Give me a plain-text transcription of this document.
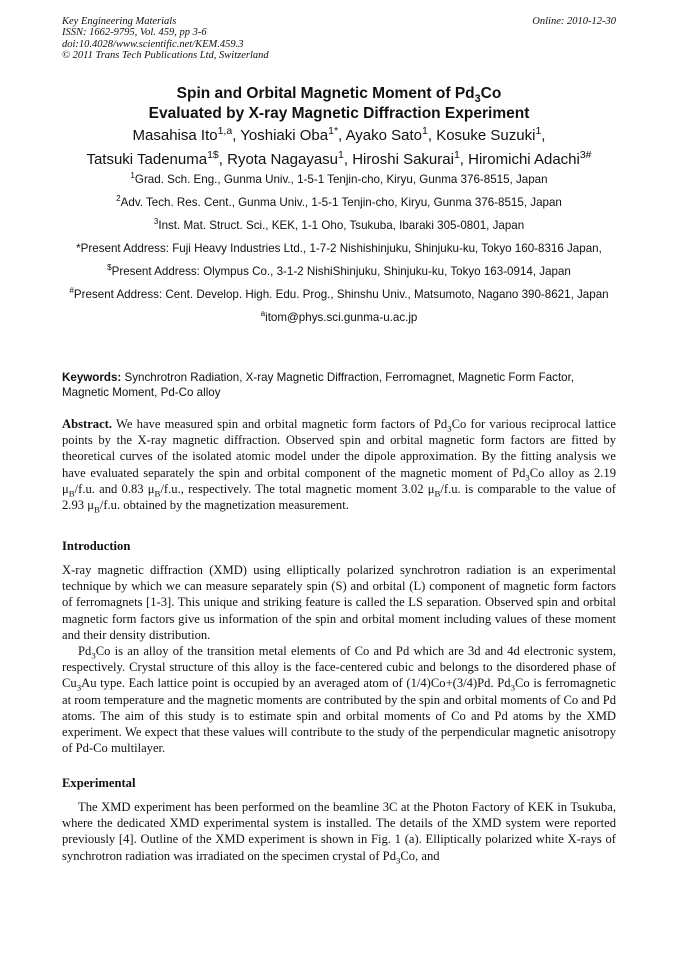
Key Engineering Materials
ISSN: 1662-9795, Vol. 459, pp 3-6
doi:10.4028/www.scientific.net/KEM.459.3
© 2011 Trans Tech Publications Ltd, Switzerland
Online: 2010-12-30
Spin and Orbital Magnetic Moment of $Pd_3Co$
Evaluated by X-ray Magnetic Diffraction Experiment
Masahisa Ito$^{1,a}$, Yoshiaki Oba$^{1*}$, Ayako Sato$^1$, Kosuke Suzuki$^1$,
Tatsuki Tadenuma$^{1\$}$, Ryota Nagayasu$^1$, Hiroshi Sakurai$^1$, Hiromichi Adachi$^{3\#}$
$^1$Grad. Sch. Eng., Gunma Univ., 1-5-1 Tenjin-cho, Kiryu, Gunma 376-8515, Japan
$^2$Adv. Tech. Res. Cent., Gunma Univ., 1-5-1 Tenjin-cho, Kiryu, Gunma 376-8515, Japan
$^3$Inst. Mat. Struct. Sci., KEK, 1-1 Oho, Tsukuba, Ibaraki 305-0801, Japan
*Present Address: Fuji Heavy Industries Ltd., 1-7-2 Nishishinjuku, Shinjuku-ku, Tokyo 160-8316 Japan,
$Present Address: Olympus Co., 3-1-2 NishiShinjuku, Shinjuku-ku, Tokyo 163-0914, Japan
#Present Address: Cent. Develop. High. Edu. Prog., Shinshu Univ., Matsumoto, Nagano 390-8621, Japan
$^a$itom@phys.sci.gunma-u.ac.jp
Keywords: Synchrotron Radiation, X-ray Magnetic Diffraction, Ferromagnet, Magnetic Form Factor, Magnetic Moment, Pd-Co alloy

Abstract. We have measured spin and orbital magnetic form factors of $Pd_3Co$ for various reciprocal lattice points by the X-ray magnetic diffraction. Observed spin and orbital magnetic form factors are fitted by theoretical curves of the isolated atomic model under the dipole approximation. By the fitting analysis we have evaluated separately the spin and orbital component of the magnetic moment of $Pd_3Co$ alloy as 2.19 $\mu_B/f.u$. and 0.83 $\mu_B/f.u$., respectively. The total magnetic moment 3.02 $\mu_B/f.u$. is comparable to the value of 2.93 $\mu_B/f.u$. obtained by the magnetization measurement.

Introduction

X-ray magnetic diffraction (XMD) using elliptically polarized synchrotron radiation is an experimental technique by which we can measure separately spin (S) and orbital (L) component of magnetic form factors of ferromagnets [1-3]. This unique and striking feature is called the LS separation. Observed spin and orbital magnetic form factors give us information of the spin and orbital moment including values of these moment and their density distribution.

$Pd_3Co$ is an alloy of the transition metal elements of Co and Pd which are 3d and 4d electronic system, respectively. Crystal structure of this alloy is the face-centered cubic and belongs to the disordered phase of $Cu_3Au$ type. Each lattice point is occupied by an averaged atom of (1/4)Co+(3/4)Pd. $Pd_3Co$ is ferromagnetic at room temperature and the magnetic moments are contributed by the spin and orbital moments of Co and Pd atoms. The aim of this study is to estimate spin and orbital moments of Co and Pd atoms by the XMD experiment. We expect that these values will contribute to the study of the perpendicular magnetic anisotropy of Pd-Co multilayer.

Experimental

The XMD experiment has been performed on the beamline 3C at the Photon Factory of KEK in Tsukuba, where the dedicated XMD experimental system is installed. The details of the XMD system were reported previously [4]. Outline of the XMD experiment is shown in Fig. 1 (a). Elliptically polarized white X-rays of synchrotron radiation was irradiated on the specimen crystal of $Pd_3Co$, and
